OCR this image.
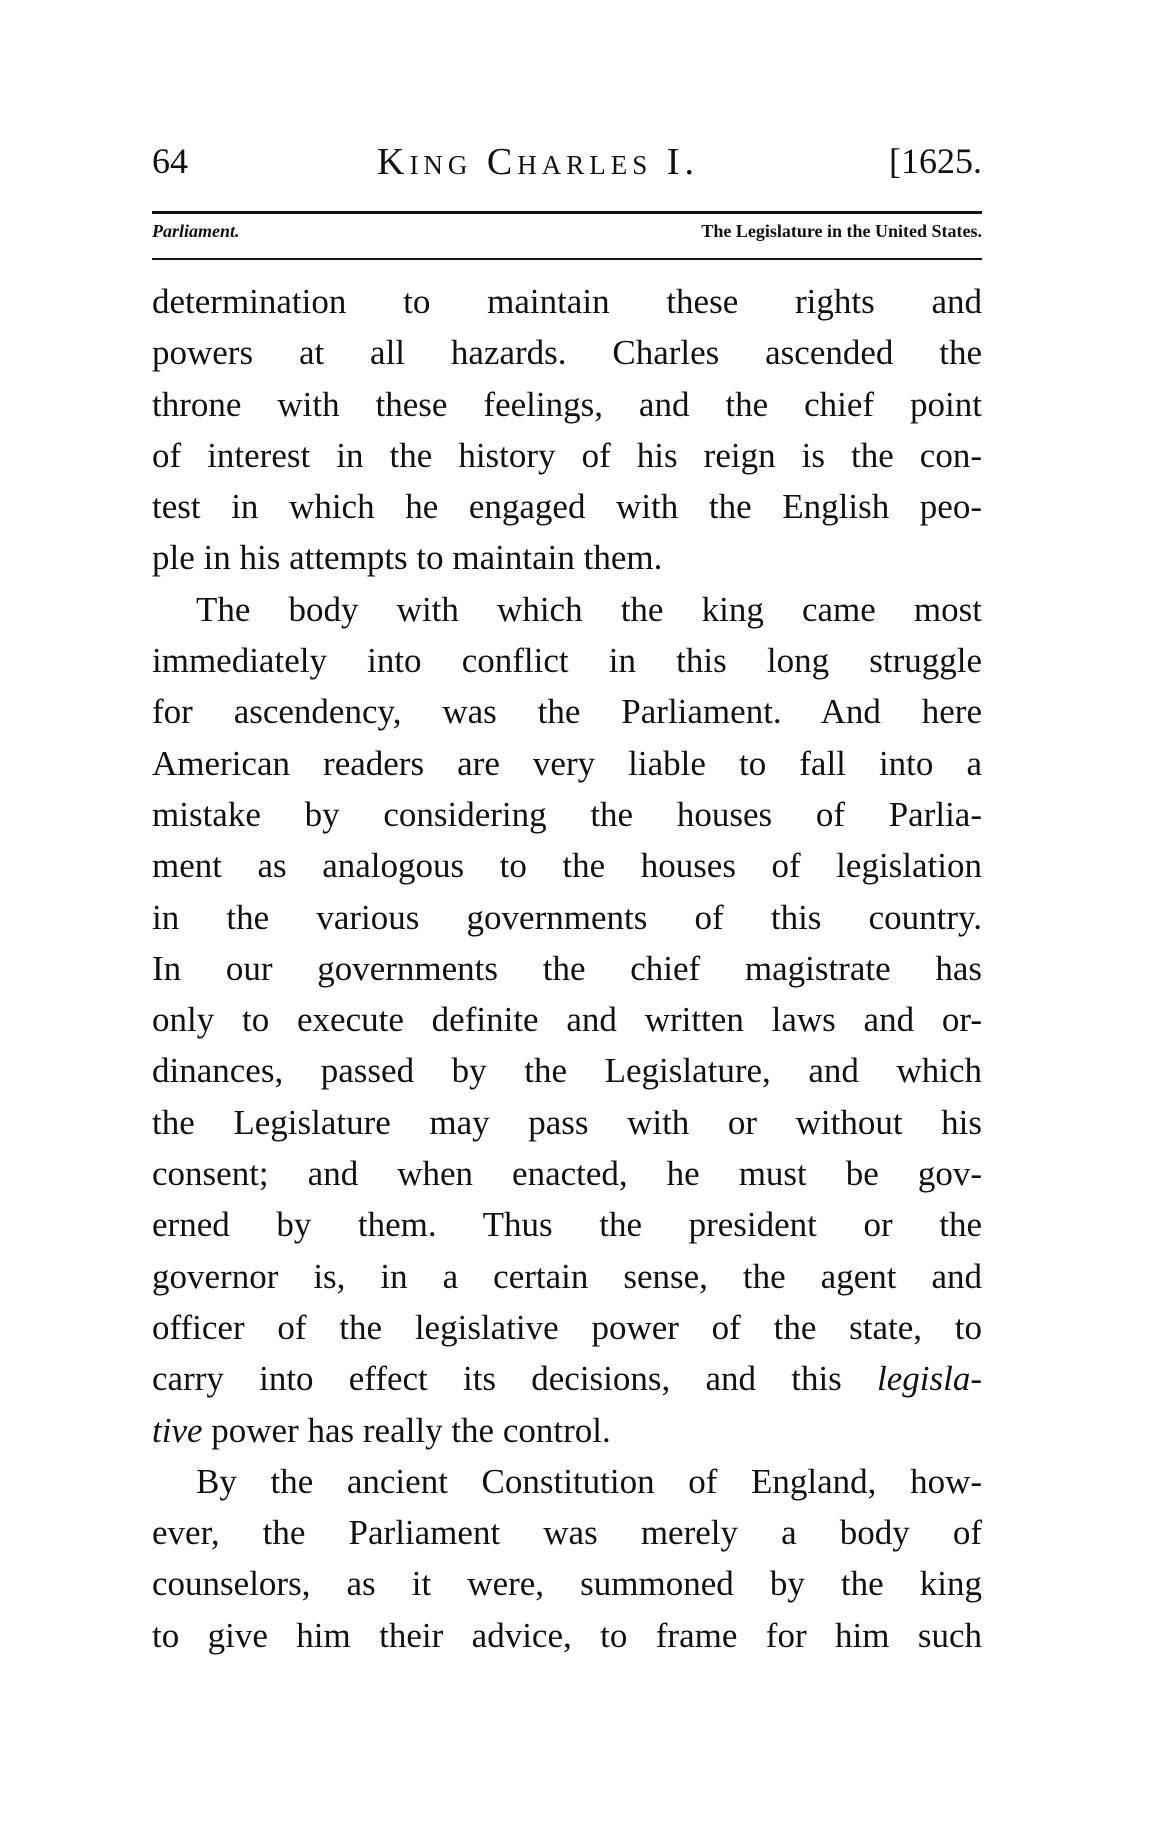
64	King Charles I.	[1625.
Parliament.	The Legislature in the United States.
determination to maintain these rights and
powers at all hazards. Charles ascended the
throne with these feelings, and the chief point
of interest in the history of his reign is the con-
test in which he engaged with the English peo-
ple in his attempts to maintain them.
The body with which the king came most
immediately into conflict in this long struggle
for ascendency, was the Parliament. And here
American readers are very liable to fall into a
mistake by considering the houses of Parlia-
ment as analogous to the houses of legislation
in the various governments of this country.
In our governments the chief magistrate has
only to execute definite and written laws and or-
dinances, passed by the Legislature, and which
the Legislature may pass with or without his
consent; and when enacted, he must be gov-
erned by them. Thus the president or the
governor is, in a certain sense, the agent and
officer of the legislative power of the state, to
carry into effect its decisions, and this legisla-
tive power has really the control.
By the ancient Constitution of England, how-
ever, the Parliament was merely a body of
counselors, as it were, summoned by the king
to give him their advice, to frame for him such
